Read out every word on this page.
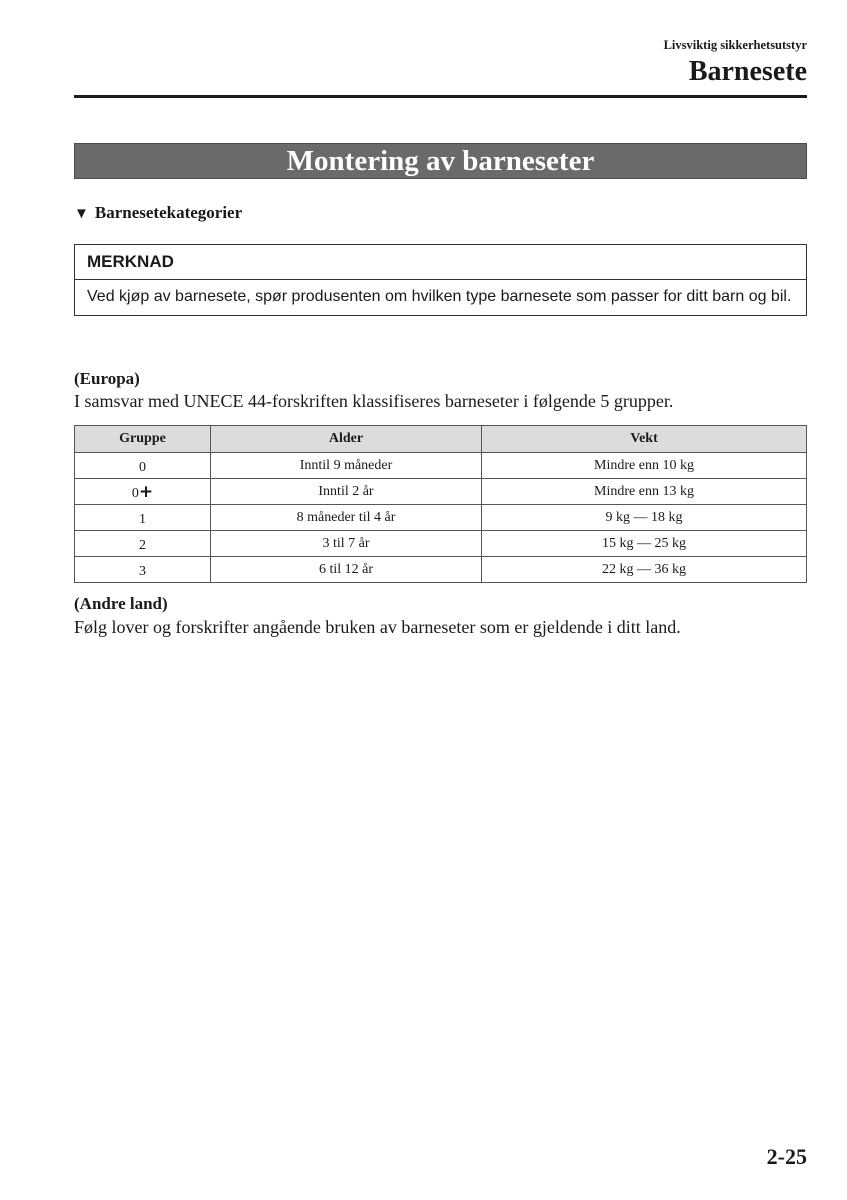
Livsviktig sikkerhetsutstyr
Barnesete
Montering av barneseter
▼ Barnesetekategorier
MERKNAD
Ved kjøp av barnesete, spør produsenten om hvilken type barnesete som passer for ditt barn og bil.
(Europa)
I samsvar med UNECE 44-forskriften klassifiseres barneseter i følgende 5 grupper.
Gruppe	Alder	Vekt
0	Inntil 9 måneder	Mindre enn 10 kg
0+	Inntil 2 år	Mindre enn 13 kg
1	8 måneder til 4 år	9 kg — 18 kg
2	3 til 7 år	15 kg — 25 kg
3	6 til 12 år	22 kg — 36 kg
(Andre land)
Følg lover og forskrifter angående bruken av barneseter som er gjeldende i ditt land.
2-25
